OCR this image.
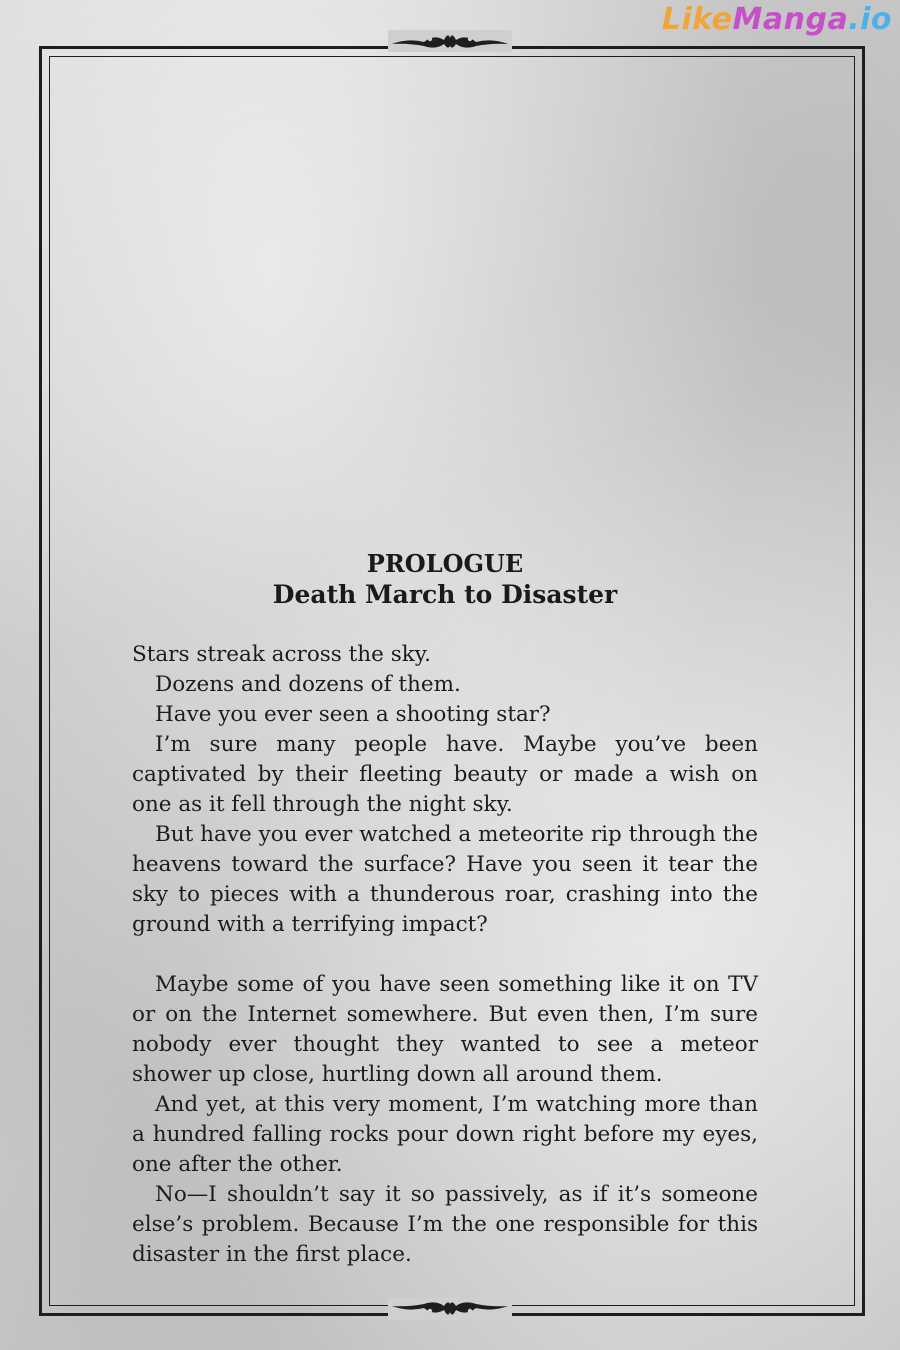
LikeManga.io
PROLOGUE
Death March to Disaster

Stars streak across the sky.

Dozens and dozens of them.

Have you ever seen a shooting star?

I’m sure many people have. Maybe you’ve been captivated by their fleeting beauty or made a wish on one as it fell through the night sky.

But have you ever watched a meteorite rip through the heavens toward the surface? Have you seen it tear the sky to pieces with a thunderous roar, crashing into the ground with a terrifying impact?

Maybe some of you have seen something like it on TV or on the Internet somewhere. But even then, I’m sure nobody ever thought they wanted to see a meteor shower up close, hurtling down all around them.

And yet, at this very moment, I’m watching more than a hundred falling rocks pour down right before my eyes, one after the other.

No—I shouldn’t say it so passively, as if it’s someone else’s problem. Because I’m the one responsible for this disaster in the first place.
